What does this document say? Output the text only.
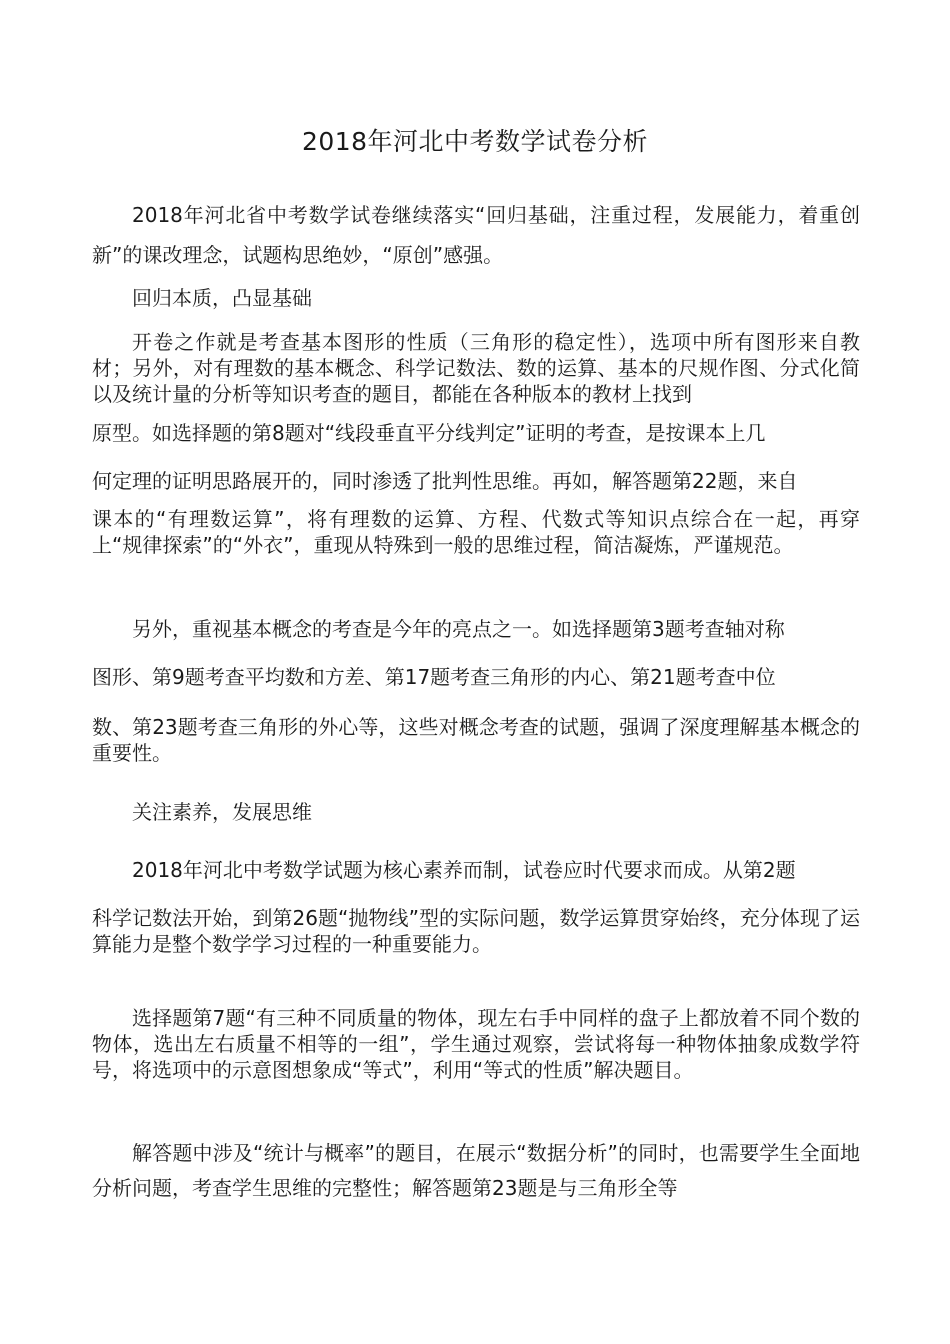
2018年河北中考数学试卷分析
2018年河北省中考数学试卷继续落实“回归基础，注重过程，发展能力，着重创新”的课改理念，试题构思绝妙，“原创”感强。
回归本质，凸显基础
开卷之作就是考查基本图形的性质（三角形的稳定性），选项中所有图形来自教材；另外，对有理数的基本概念、科学记数法、数的运算、基本的尺规作图、分式化简以及统计量的分析等知识考查的题目，都能在各种版本的教材上找到
原型。如选择题的第8题对“线段垂直平分线判定”证明的考查，是按课本上几
何定理的证明思路展开的，同时渗透了批判性思维。再如，解答题第22题，来自
课本的“有理数运算”，将有理数的运算、方程、代数式等知识点综合在一起，再穿上“规律探索”的“外衣”，重现从特殊到一般的思维过程，简洁凝炼，严谨规范。
另外，重视基本概念的考查是今年的亮点之一。如选择题第3题考查轴对称
图形、第9题考查平均数和方差、第17题考查三角形的内心、第21题考查中位
数、第23题考查三角形的外心等，这些对概念考查的试题，强调了深度理解基本概念的重要性。
关注素养，发展思维
2018年河北中考数学试题为核心素养而制，试卷应时代要求而成。从第2题
科学记数法开始，到第26题“抛物线”型的实际问题，数学运算贯穿始终，充分体现了运算能力是整个数学学习过程的一种重要能力。
选择题第7题“有三种不同质量的物体，现左右手中同样的盘子上都放着不同个数的物体，选出左右质量不相等的一组”，学生通过观察，尝试将每一种物体抽象成数学符号，将选项中的示意图想象成“等式”，利用“等式的性质”解决题目。
解答题中涉及“统计与概率”的题目，在展示“数据分析”的同时，也需要学生全面地分析问题，考查学生思维的完整性；解答题第23题是与三角形全等
